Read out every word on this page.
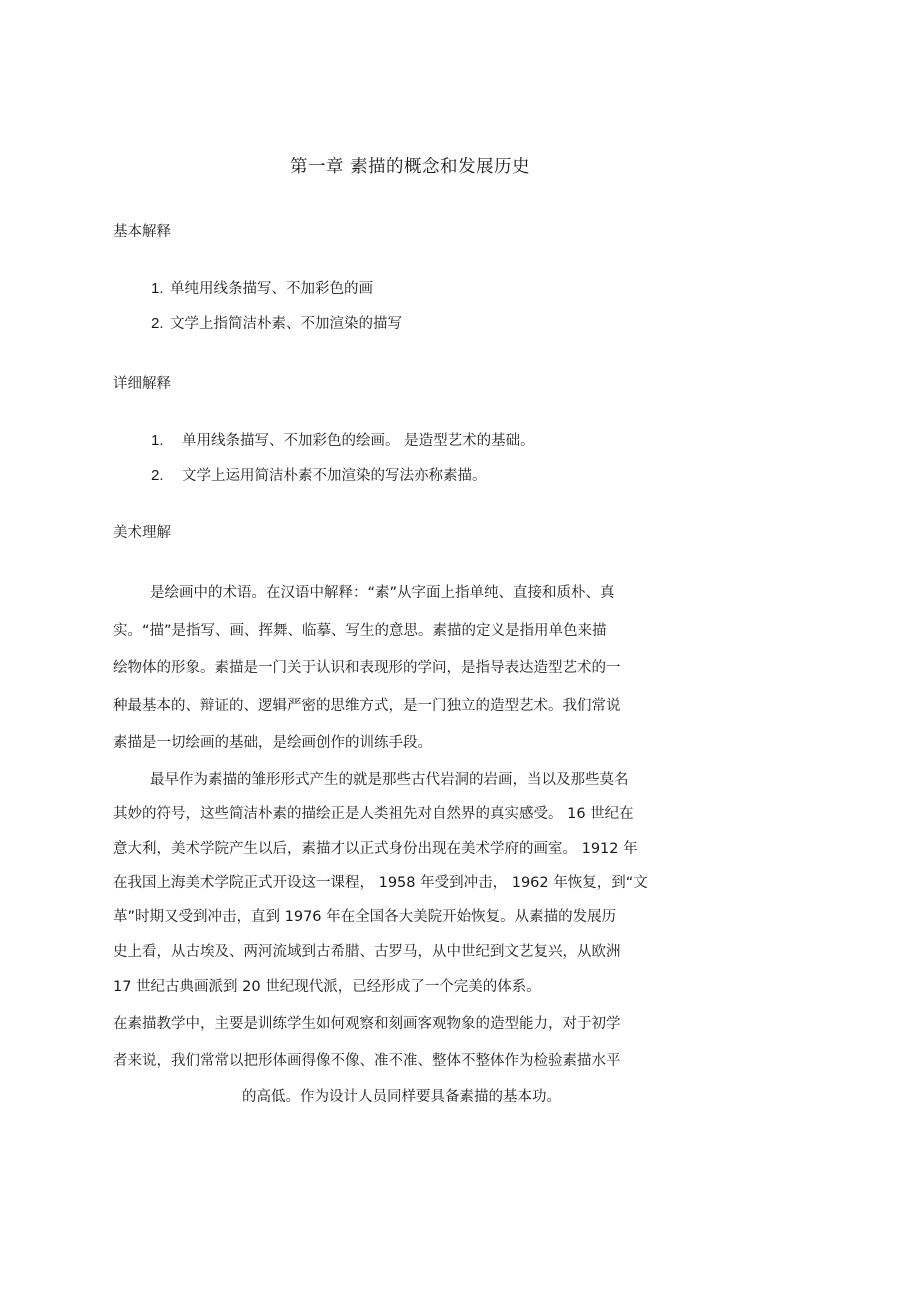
第一章 素描的概念和发展历史
基本解释
1. 单纯用线条描写、不加彩色的画
2. 文学上指简洁朴素、不加渲染的描写
详细解释
1. 单用线条描写、不加彩色的绘画。 是造型艺术的基础。
2. 文学上运用简洁朴素不加渲染的写法亦称素描。
美术理解
是绘画中的术语。在汉语中解释：“素”从字面上指单纯、直接和质朴、真
实。“描”是指写、画、挥舞、临摹、写生的意思。素描的定义是指用单色来描
绘物体的形象。素描是一门关于认识和表现形的学问，是指导表达造型艺术的一
种最基本的、辩证的、逻辑严密的思维方式，是一门独立的造型艺术。我们常说
素描是一切绘画的基础，是绘画创作的训练手段。
最早作为素描的雏形形式产生的就是那些古代岩洞的岩画，当以及那些莫名
其妙的符号，这些简洁朴素的描绘正是人类祖先对自然界的真实感受。 16 世纪在
意大利，美术学院产生以后，素描才以正式身份出现在美术学府的画室。 1912 年
在我国上海美术学院正式开设这一课程， 1958 年受到冲击， 1962 年恢复，到“文
革”时期又受到冲击，直到 1976 年在全国各大美院开始恢复。从素描的发展历
史上看，从古埃及、两河流域到古希腊、古罗马，从中世纪到文艺复兴，从欧洲
17 世纪古典画派到 20 世纪现代派，已经形成了一个完美的体系。
在素描教学中，主要是训练学生如何观察和刻画客观物象的造型能力，对于初学
者来说，我们常常以把形体画得像不像、准不准、整体不整体作为检验素描水平
的高低。作为设计人员同样要具备素描的基本功。
